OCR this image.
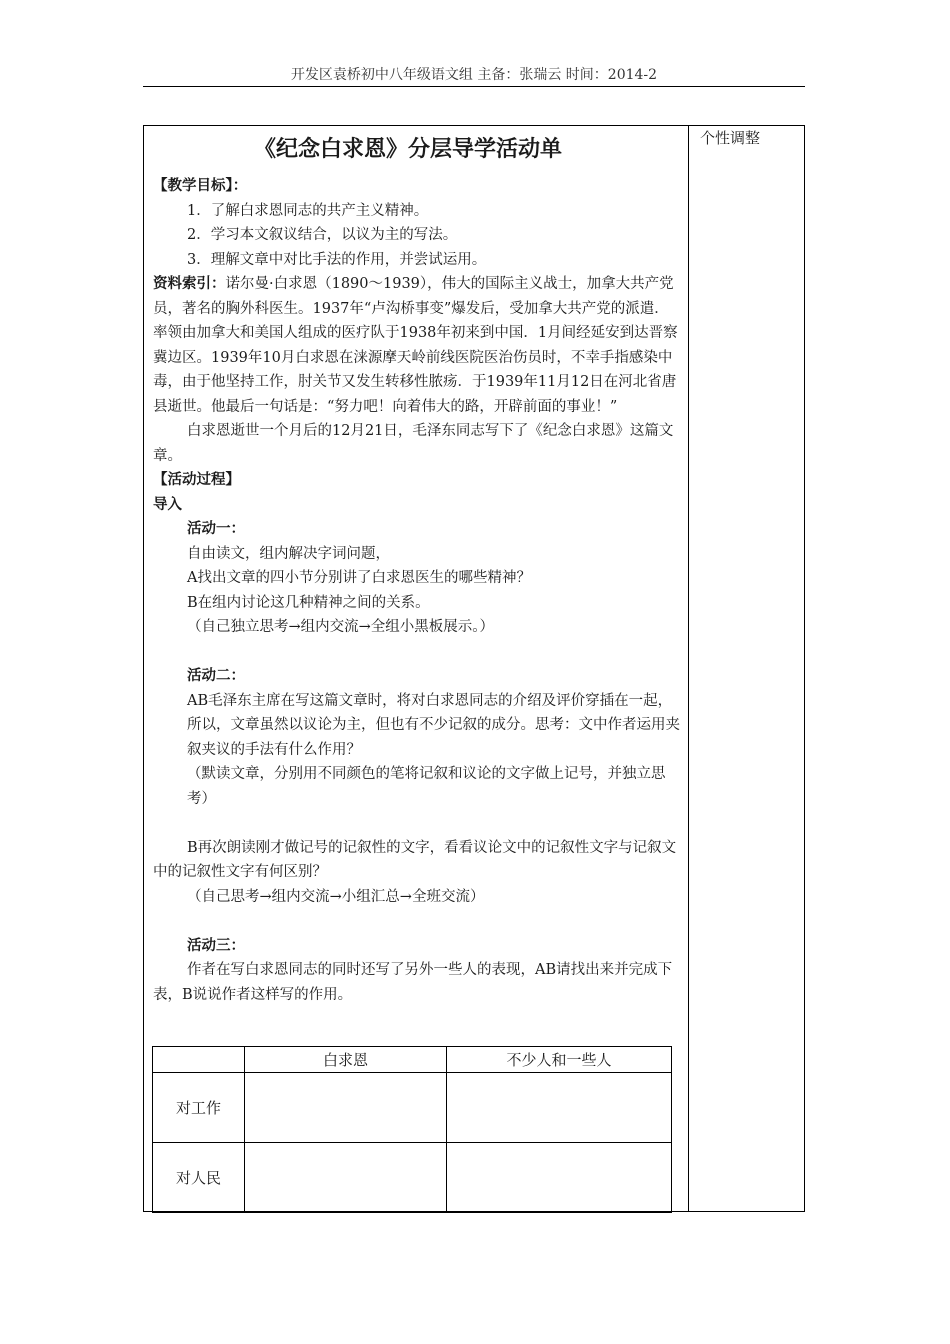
开发区袁桥初中八年级语文组 主备：张瑞云 时间：2014-2
个性调整
《纪念白求恩》分层导学活动单

【教学目标】：

1．了解白求恩同志的共产主义精神。

2．学习本文叙议结合，以议为主的写法。

3．理解文章中对比手法的作用，并尝试运用。

资料索引：诺尔曼·白求恩（1890～1939），伟大的国际主义战士，加拿大共产党员，著名的胸外科医生。1937年“卢沟桥事变”爆发后，受加拿大共产党的派遣．率领由加拿大和美国人组成的医疗队于1938年初来到中国．1月间经延安到达晋察冀边区。1939年10月白求恩在涞源摩天岭前线医院医治伤员时，不幸手指感染中毒，由于他坚持工作，肘关节又发生转移性脓疡．于1939年11月12日在河北省唐县逝世。他最后一句话是：“努力吧！向着伟大的路，开辟前面的事业！”

白求恩逝世一个月后的12月21日，毛泽东同志写下了《纪念白求恩》这篇文章。

【活动过程】

导入

活动一：

自由读文，组内解决字词问题，

A找出文章的四小节分别讲了白求恩医生的哪些精神？

B在组内讨论这几种精神之间的关系。

（自己独立思考→组内交流→全组小黑板展示。）

活动二：

AB毛泽东主席在写这篇文章时，将对白求恩同志的介绍及评价穿插在一起，所以，文章虽然以议论为主，但也有不少记叙的成分。思考：文中作者运用夹叙夹议的手法有什么作用？

（默读文章，分别用不同颜色的笔将记叙和议论的文字做上记号，并独立思考）

B再次朗读刚才做记号的记叙性的文字，看看议论文中的记叙性文字与记叙文中的记叙性文字有何区别？

（自己思考→组内交流→小组汇总→全班交流）

活动三：

作者在写白求恩同志的同时还写了另外一些人的表现，AB请找出来并完成下表，B说说作者这样写的作用。

	白求恩	不少人和一些人
对工作		
对人民		
